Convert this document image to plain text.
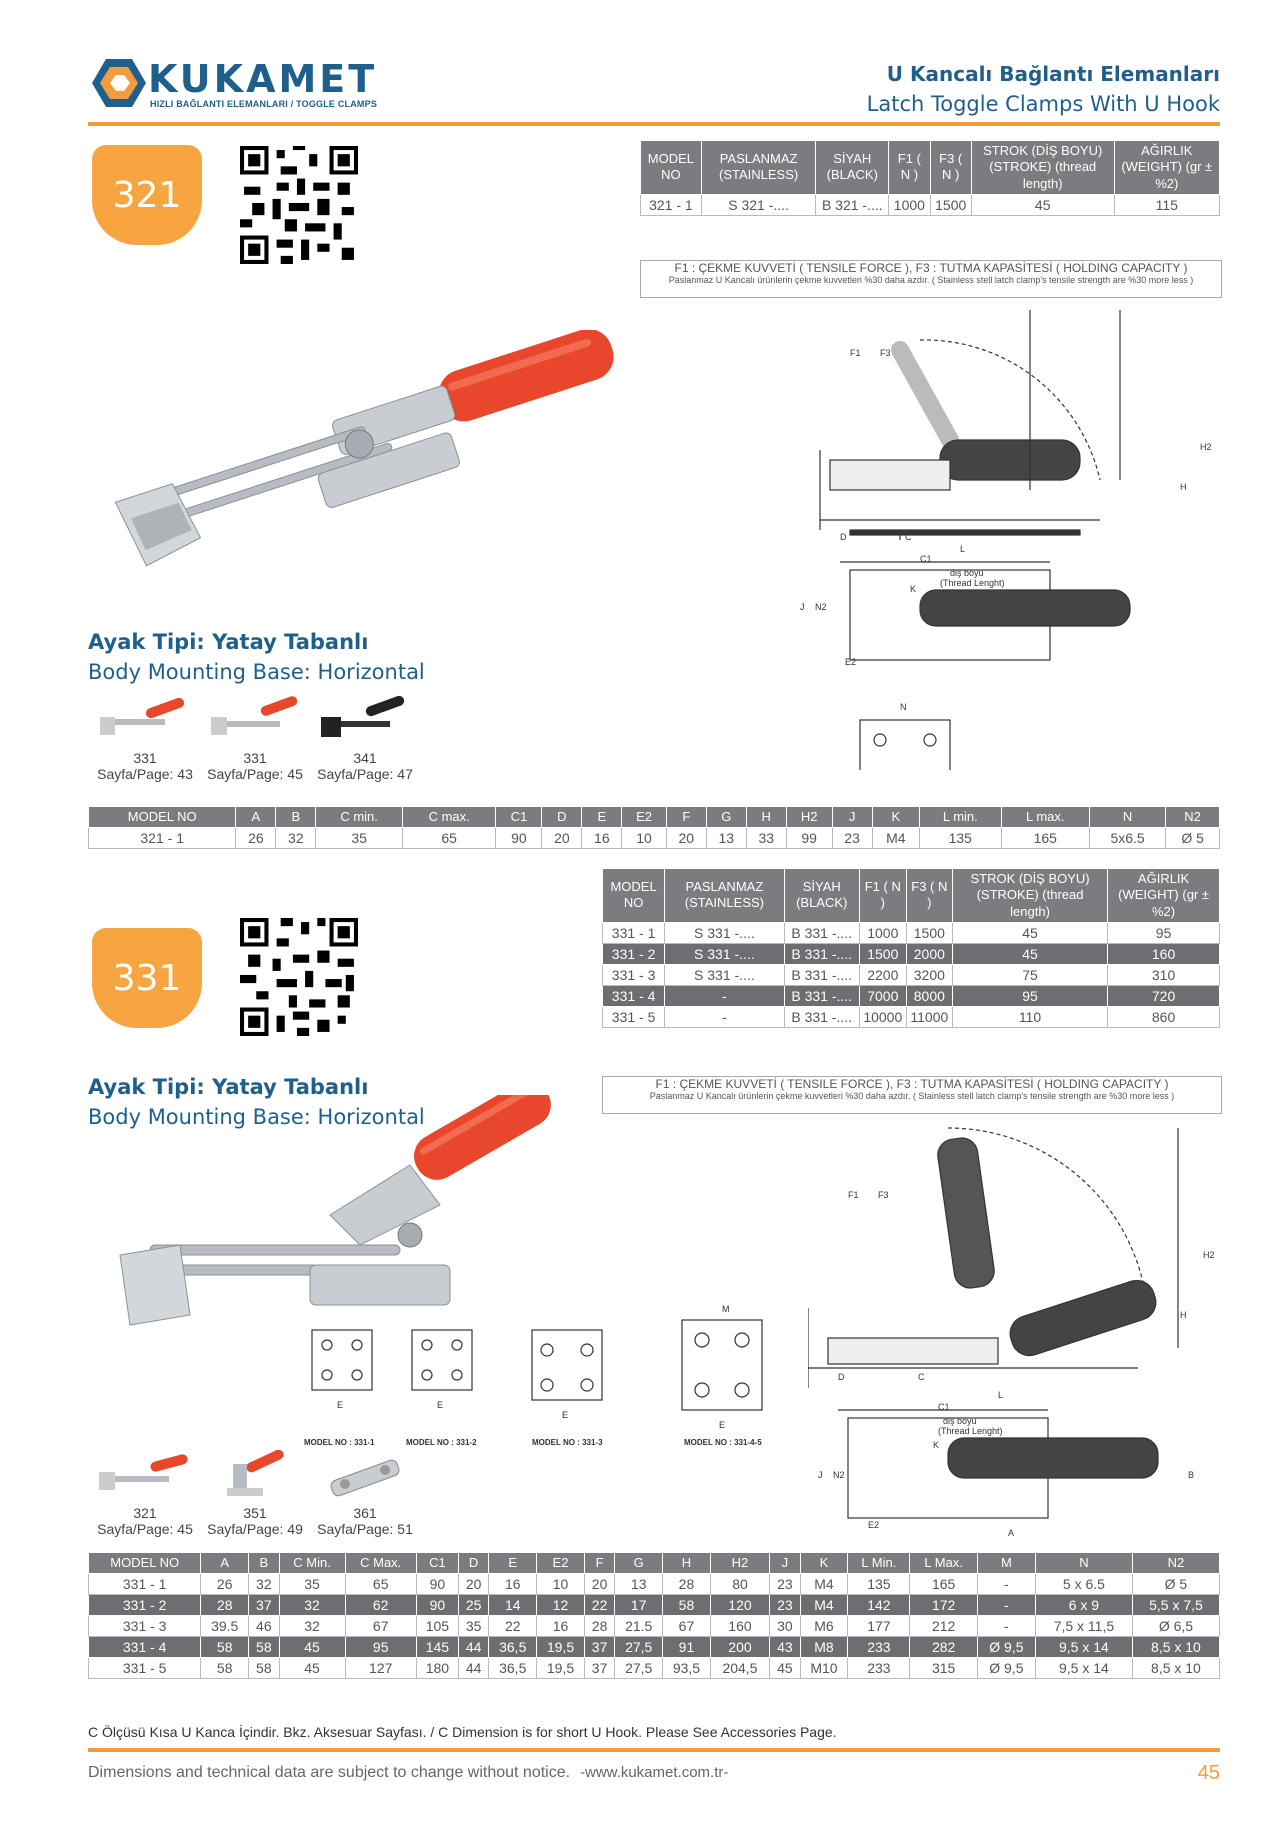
KUKAMET
HIZLI BAĞLANTI ELEMANLARI / TOGGLE CLAMPS
U Kancalı Bağlantı Elemanları
Latch Toggle Clamps With U Hook
321
MODEL NO	PASLANMAZ (STAINLESS)	SİYAH (BLACK)	F1 ( N )	F3 ( N )	STROK (DİŞ BOYU) (STROKE) (thread length)	AĞIRLIK (WEIGHT) (gr ±%2)
321 - 1	S 321 -....	B 321 -....	1000	1500	45	115
F1 : ÇEKME KUVVETİ ( TENSILE FORCE ), F3 : TUTMA KAPASİTESİ ( HOLDING CAPACITY )
Paslanmaz U Kancalı ürünlerin çekme kuvvetleri %30 daha azdır. ( Stainless stell latch clamp's tensile strength are %30 more less )
F1 F3
D	C
L
C1
diş boyu
(Thread Lenght)
H2
H
J N2
E2
K
N
Ayak Tipi: Yatay Tabanlı
Body Mounting Base: Horizontal
331
Sayfa/Page: 43
331
Sayfa/Page: 45
341
Sayfa/Page: 47
MODEL NO	A	B	C min.	C max.	C1	D	E	E2	F	G	H	H2	J	K	L min.	L max.	N	N2
321 - 1	26	32	35	65	90	20	16	10	20	13	33	99	23	M4	135	165	5x6.5	Ø 5
MODEL NO	PASLANMAZ (STAINLESS)	SİYAH (BLACK)	F1 ( N )	F3 ( N )	STROK (DİŞ BOYU) (STROKE) (thread length)	AĞIRLIK (WEIGHT) (gr ±%2)
331 - 1	S 331 -....	B 331 -....	1000	1500	45	95
331 - 2	S 331 -....	B 331 -....	1500	2000	45	160
331 - 3	S 331 -....	B 331 -....	2200	3200	75	310
331 - 4	-	B 331 -....	7000	8000	95	720
331 - 5	-	B 331 -....	10000	11000	110	860
331
F1 : ÇEKME KUVVETİ ( TENSILE FORCE ), F3 : TUTMA KAPASİTESİ ( HOLDING CAPACITY )
Paslanmaz U Kancalı ürünlerin çekme kuvvetleri %30 daha azdır. ( Stainless stell latch clamp's tensile strength are %30 more less )
Ayak Tipi: Yatay Tabanlı
Body Mounting Base: Horizontal
F1 F3
D	C
L
C1
diş boyu
(Thread Lenght)
H2
H
J N2
E2
K
A
B
E	E
E
E
M
MODEL NO : 331-1	MODEL NO : 331-2	MODEL NO : 331-3	MODEL NO : 331-4-5
321
Sayfa/Page: 45
351
Sayfa/Page: 49
361
Sayfa/Page: 51
MODEL NO	A	B	C Min.	C Max.	C1	D	E	E2	F	G	H	H2	J	K	L Min.	L Max.	M	N	N2
331 - 1	26	32	35	65	90	20	16	10	20	13	28	80	23	M4	135	165	-	5 x 6.5	Ø 5
331 - 2	28	37	32	62	90	25	14	12	22	17	58	120	23	M4	142	172	-	6 x 9	5,5 x 7,5
331 - 3	39.5	46	32	67	105	35	22	16	28	21.5	67	160	30	M6	177	212	-	7,5 x 11,5	Ø 6,5
331 - 4	58	58	45	95	145	44	36,5	19,5	37	27,5	91	200	43	M8	233	282	Ø 9,5	9,5 x 14	8,5 x 10
331 - 5	58	58	45	127	180	44	36,5	19,5	37	27,5	93,5	204,5	45	M10	233	315	Ø 9,5	9,5 x 14	8,5 x 10
C Ölçüsü Kısa U Kanca İçindir. Bkz. Aksesuar Sayfası. / C Dimension is for short U Hook. Please See Accessories Page.
Dimensions and technical data are subject to change without notice. -www.kukamet.com.tr-	45
